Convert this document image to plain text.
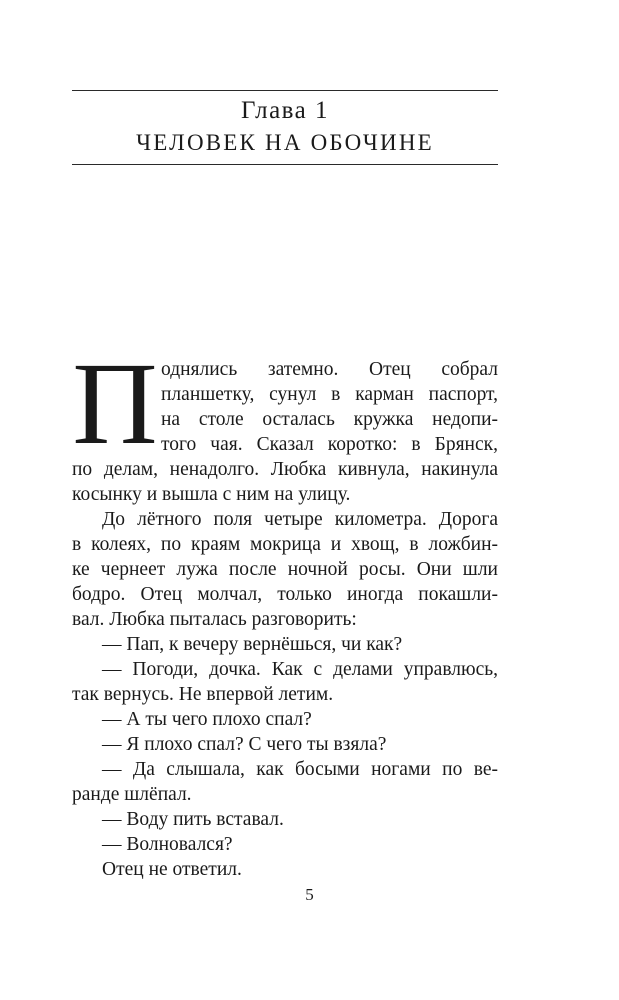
Глава 1
ЧЕЛОВЕК НА ОБОЧИНЕ
П однялись затемно. Отец собрал
планшетку, сунул в карман паспорт,
на столе осталась кружка недопи-
того чая. Сказал коротко: в Брянск,
по делам, ненадолго. Любка кивнула, накинула
косынку и вышла с ним на улицу.
До лётного поля четыре километра. Дорога
в колеях, по краям мокрица и хвощ, в ложбин-
ке чернеет лужа после ночной росы. Они шли
бодро. Отец молчал, только иногда покашли-
вал. Любка пыталась разговорить:
— Пап, к вечеру вернёшься, чи как?
— Погоди, дочка. Как с делами управлюсь,
так вернусь. Не впервой летим.
— А ты чего плохо спал?
— Я плохо спал? С чего ты взяла?
— Да слышала, как босыми ногами по ве-
ранде шлёпал.
— Воду пить вставал.
— Волновался?
Отец не ответил.
5
